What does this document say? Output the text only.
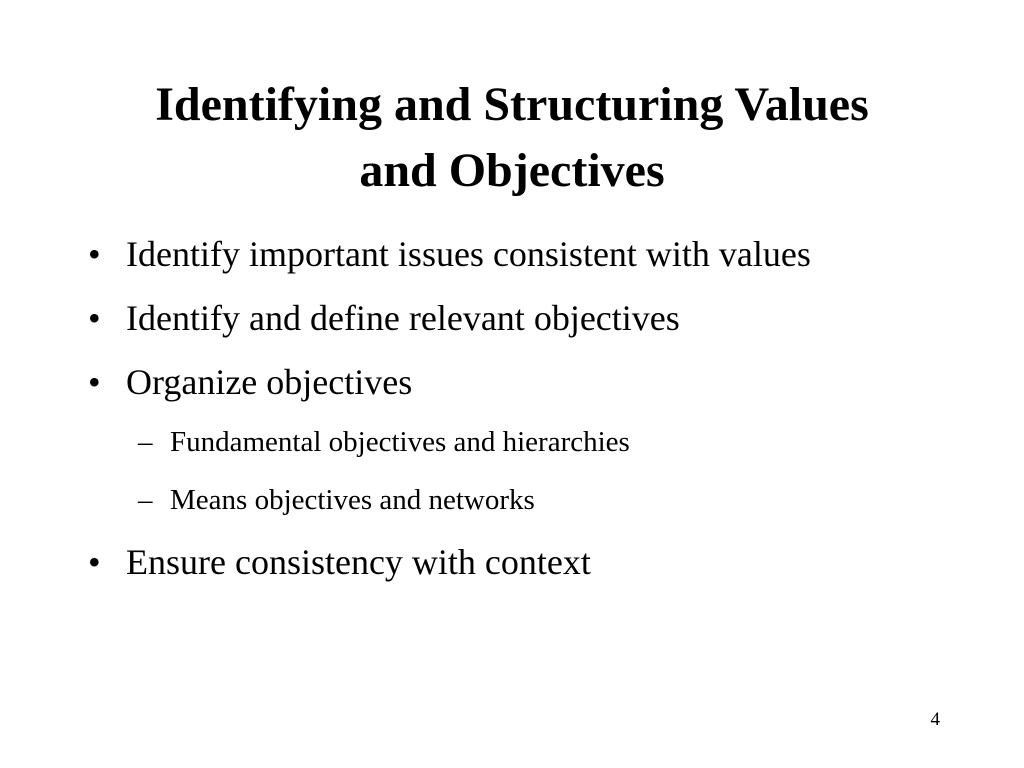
Identifying and Structuring Values
and Objectives
• Identify important issues consistent with values
• Identify and define relevant objectives
• Organize objectives
– Fundamental objectives and hierarchies
– Means objectives and networks
• Ensure consistency with context
4
